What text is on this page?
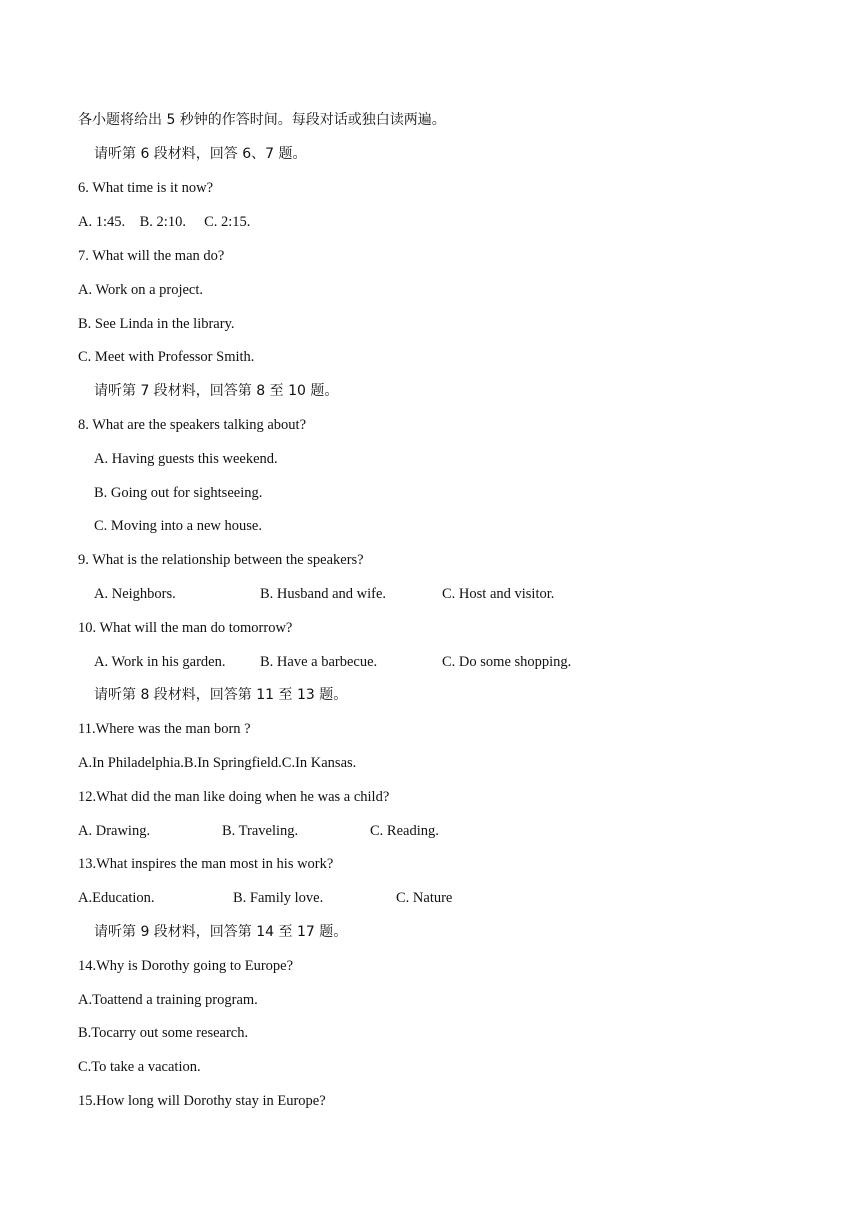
各小题将给出 5 秒钟的作答时间。每段对话或独白读两遍。
请听第 6 段材料，回答 6、7 题。
6. What time is it now?
A. 1:45.    B. 2:10.     C. 2:15.
7. What will the man do?
A. Work on a project.
B. See Linda in the library.
C. Meet with Professor Smith.
请听第 7 段材料，回答第 8 至 10 题。
8. What are the speakers talking about?
A. Having guests this weekend.
B. Going out for sightseeing.
C. Moving into a new house.
9. What is the relationship between the speakers?
A. Neighbors.	B. Husband and wife.	C. Host and visitor.
10. What will the man do tomorrow?
A. Work in his garden. B. Have a barbecue.	C. Do some shopping.
请听第 8 段材料，回答第 11 至 13 题。
11.Where was the man born ?
A.In Philadelphia.B.In Springfield.C.In Kansas.
12.What did the man like doing when he was a child?
A. Drawing.	B. Traveling.	C. Reading.
13.What inspires the man most in his work?
A.Education.	B. Family love.	C. Nature
请听第 9 段材料，回答第 14 至 17 题。
14.Why is Dorothy going to Europe?
A.Toattend a training program.
B.Tocarry out some research.
C.To take a vacation.
15.How long will Dorothy stay in Europe?
